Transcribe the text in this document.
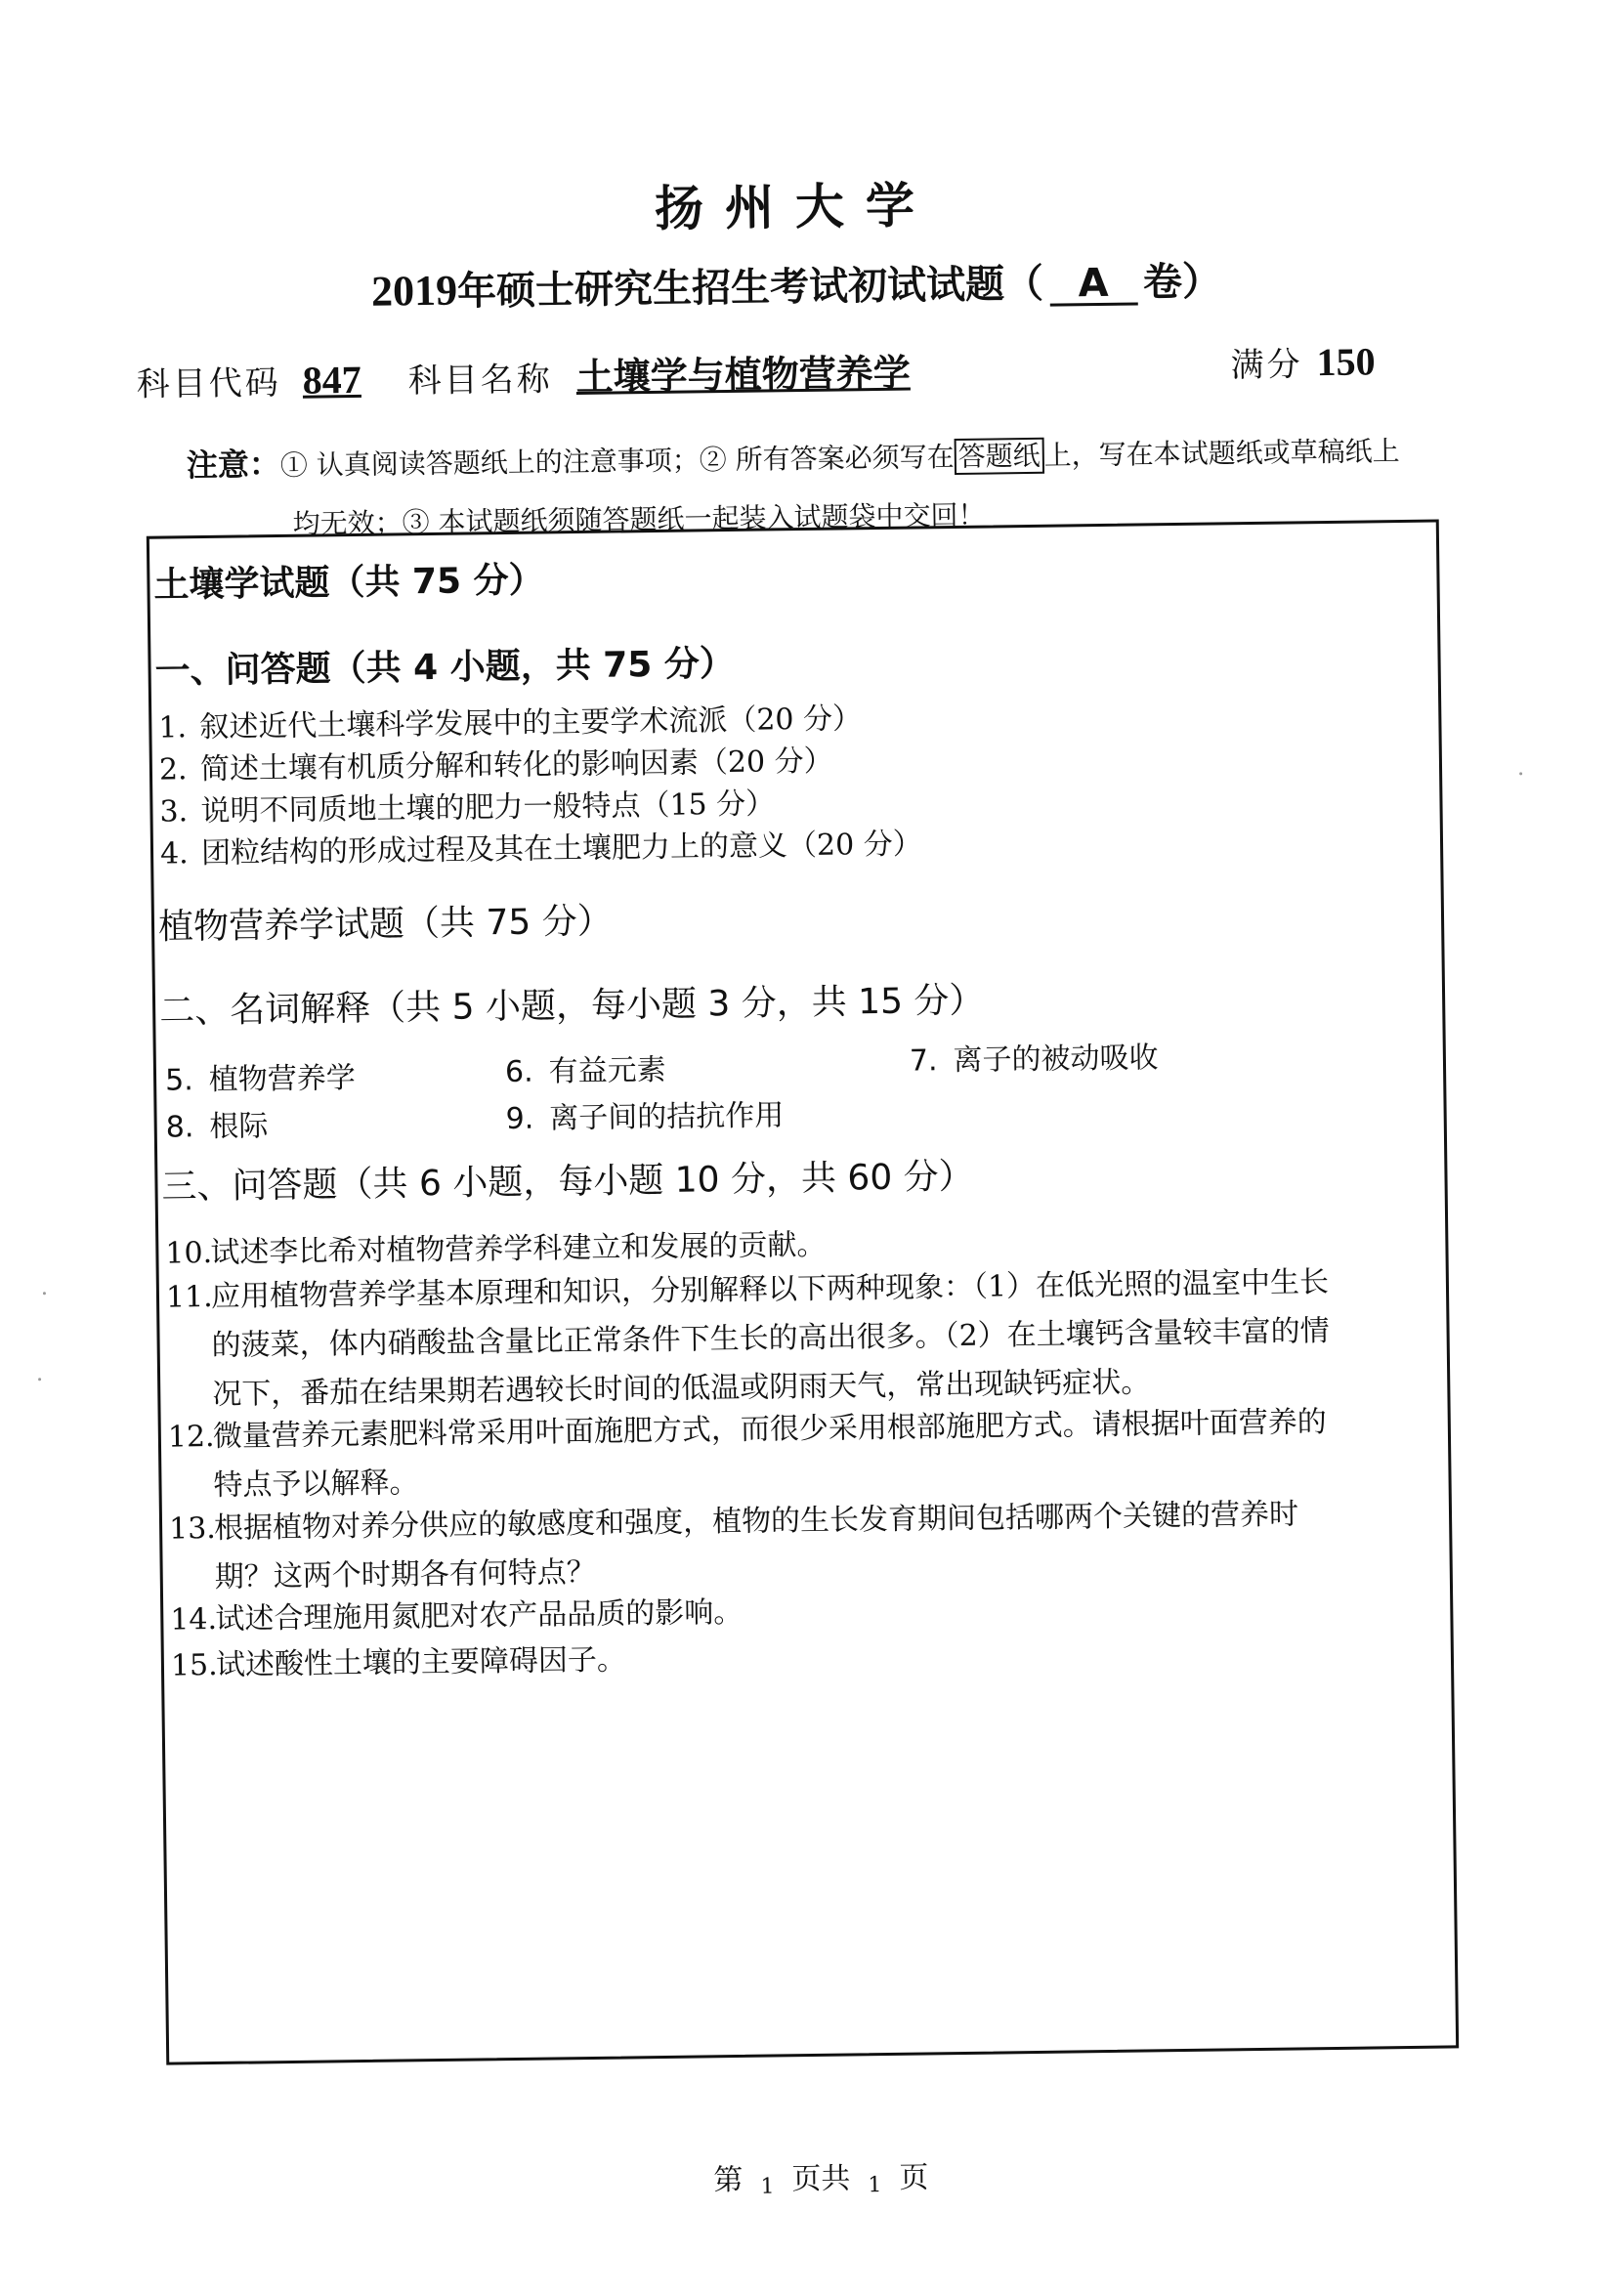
扬州大学
2019年硕士研究生招生考试初试试题（ A 卷）
科目代码 847 科目名称 土壤学与植物营养学	满分 150
注意：① 认真阅读答题纸上的注意事项；② 所有答案必须写在 答题纸 上，写在本试题纸或草稿纸上
均无效；③ 本试题纸须随答题纸一起装入试题袋中交回！
土壤学试题（共 75 分）
一、问答题（共 4 小题，共 75 分）
1. 叙述近代土壤科学发展中的主要学术流派（20 分）
2. 简述土壤有机质分解和转化的影响因素（20 分）
3. 说明不同质地土壤的肥力一般特点（15 分）
4. 团粒结构的形成过程及其在土壤肥力上的意义（20 分）
植物营养学试题（共 75 分）
二、名词解释（共 5 小题，每小题 3 分，共 15 分）
5. 植物营养学	6. 有益元素	7. 离子的被动吸收
8. 根际	9. 离子间的拮抗作用
三、问答题（共 6 小题，每小题 10 分，共 60 分）
10.试述李比希对植物营养学科建立和发展的贡献。
11.应用植物营养学基本原理和知识，分别解释以下两种现象：（1）在低光照的温室中生长
的菠菜，体内硝酸盐含量比正常条件下生长的高出很多。（2）在土壤钙含量较丰富的情
况下，番茄在结果期若遇较长时间的低温或阴雨天气，常出现缺钙症状。
12.微量营养元素肥料常采用叶面施肥方式，而很少采用根部施肥方式。请根据叶面营养的
特点予以解释。
13.根据植物对养分供应的敏感度和强度，植物的生长发育期间包括哪两个关键的营养时
期？这两个时期各有何特点？
14.试述合理施用氮肥对农产品品质的影响。
15.试述酸性土壤的主要障碍因子。
第 1 页共 1 页
